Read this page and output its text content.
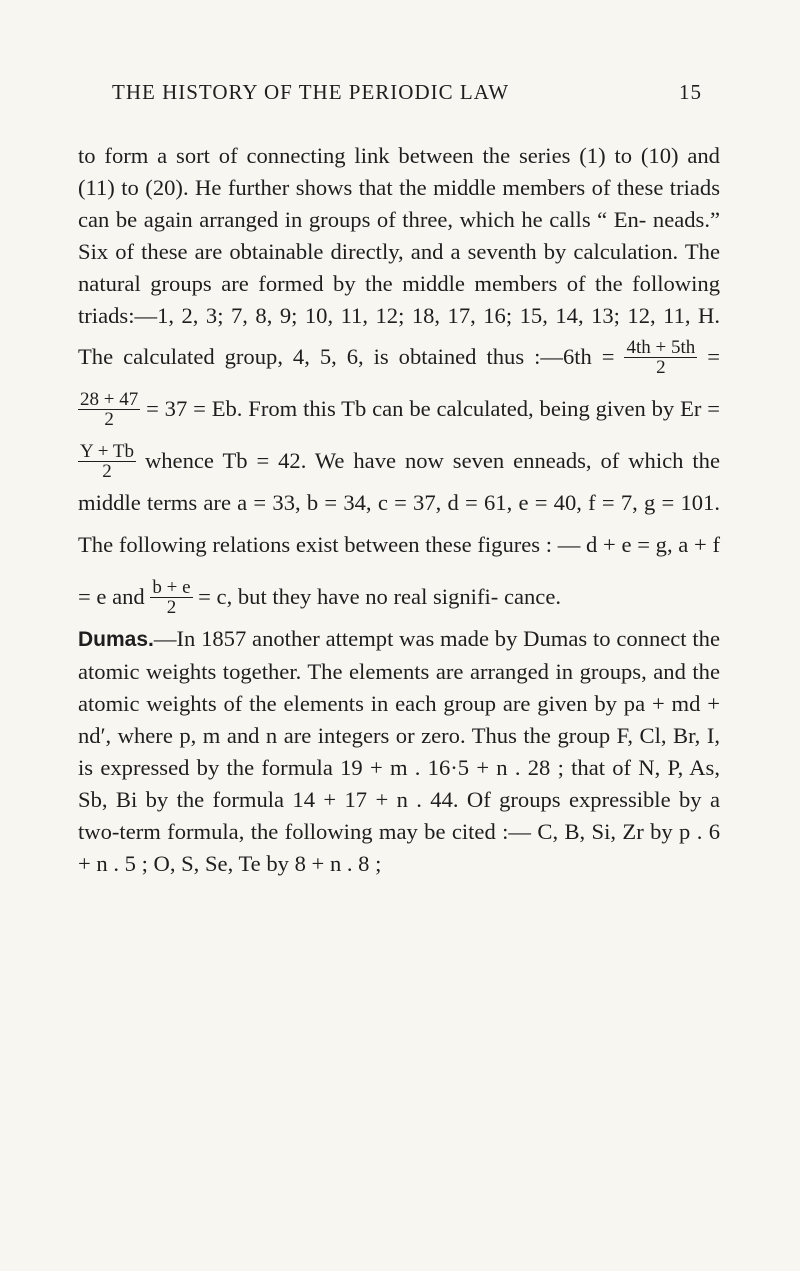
THE HISTORY OF THE PERIODIC LAW	15

to form a sort of connecting link between the series (1) to (10) and (11) to (20). He further shows that the middle members of these triads can be again arranged in groups of three, which he calls “ En- neads.” Six of these are obtainable directly, and a seventh by calculation. The natural groups are formed by the middle members of the following triads:—1, 2, 3; 7, 8, 9; 10, 11, 12; 18, 17, 16; 15, 14, 13; 12, 11, H. The calculated group, 4, 5, 6, is obtained thus :—6th = $\frac{4th + 5th}{2}$ =
$\frac{28 + 47}{2} = 37 = Eb$. From this Tb can be calculated, being given by Er =
$\frac{Y + Tb}{2}$ whence Tb = 42. We have now seven enneads, of which the middle terms are a = 33, b = 34, c = 37, d = 61, e = 40, f = 7, g = 101. The following relations exist between these figures : — d + e = g, a + f = e and $\frac{b + e}{2} = c$, but they have no real signifi- cance.

Dumas.—In 1857 another attempt was made by Dumas to connect the atomic weights together. The elements are arranged in groups, and the atomic weights of the elements in each group are given by pa + md + nd′, where p, m and n are integers or zero. Thus the group F, Cl, Br, I, is expressed by the formula 19 + m . 16·5 + n . 28 ; that of N, P, As, Sb, Bi by the formula 14 + 17 + n . 44. Of groups expressible by a two-term formula, the following may be cited :— C, B, Si, Zr by p . 6 + n . 5 ; O, S, Se, Te by 8 + n . 8 ;
